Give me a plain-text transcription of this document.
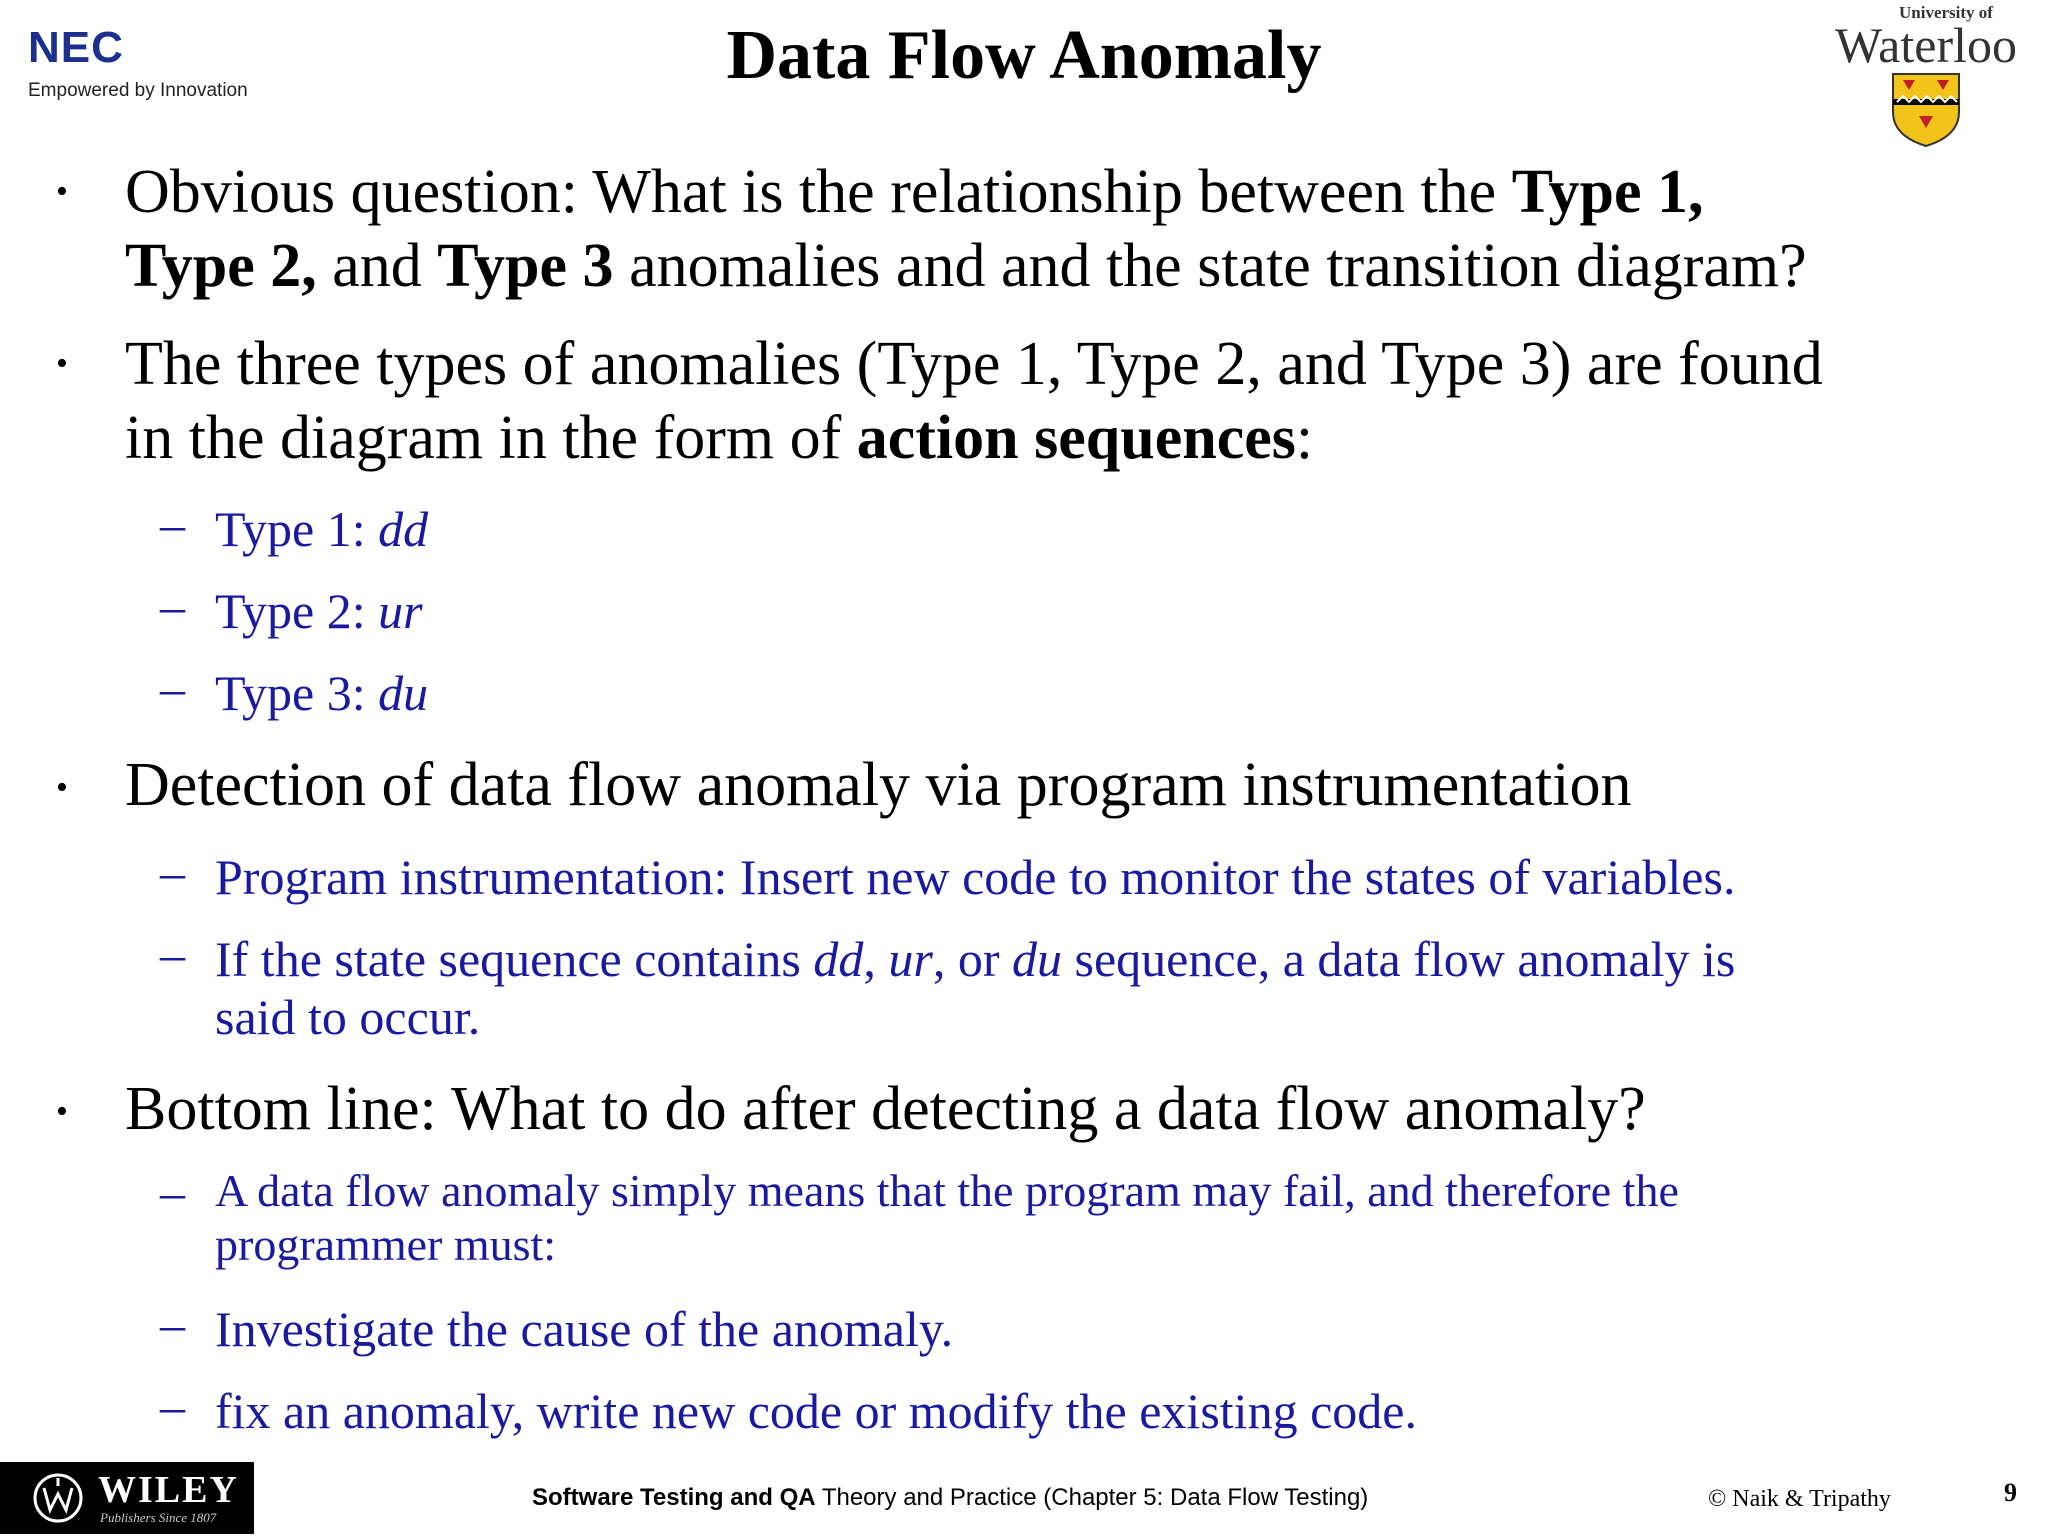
NEC
Empowered by Innovation	Data Flow Anomaly
University of
Waterloo
• Obvious question: What is the relationship between the Type 1,
Type 2, and Type 3 anomalies and and the state transition diagram?
• The three types of anomalies (Type 1, Type 2, and Type 3) are found
in the diagram in the form of action sequences:
– Type 1: dd
– Type 2: ur
– Type 3: du
• Detection of data flow anomaly via program instrumentation
– Program instrumentation: Insert new code to monitor the states of variables.
– If the state sequence contains dd, ur, or du sequence, a data flow anomaly is
said to occur.
• Bottom line: What to do after detecting a data flow anomaly?
– A data flow anomaly simply means that the program may fail, and therefore the
programmer must:
– Investigate the cause of the anomaly.
– fix an anomaly, write new code or modify the existing code.
WILEY
Publishers Since 1807
Software Testing and QA Theory and Practice (Chapter 5: Data Flow Testing)	© Naik & Tripathy	9
